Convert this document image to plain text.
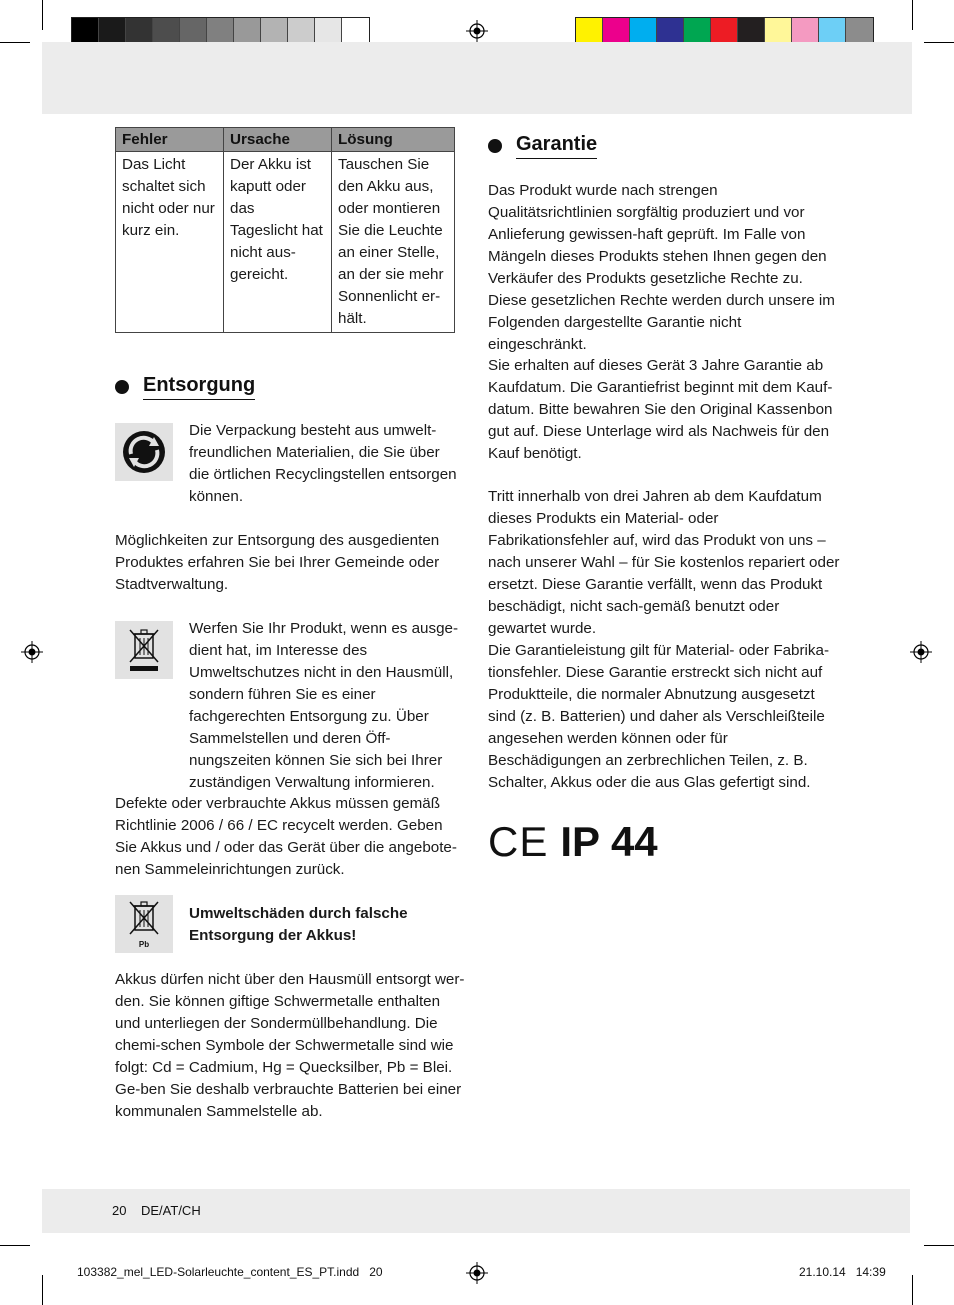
Fehler	Ursache	Lösung
Das Licht schaltet sich nicht oder nur kurz ein.	Der Akku ist kaputt oder das Tageslicht hat nicht aus-gereicht.	Tauschen Sie den Akku aus, oder montieren Sie die Leuchte an einer Stelle, an der sie mehr Sonnenlicht er-hält.
Entsorgung
Die Verpackung besteht aus umwelt-freundlichen Materialien, die Sie über die örtlichen Recyclingstellen entsorgen können.
Möglichkeiten zur Entsorgung des ausgedienten Produktes erfahren Sie bei Ihrer Gemeinde oder Stadtverwaltung.
Werfen Sie Ihr Produkt, wenn es ausge-dient hat, im Interesse des Umweltschutzes nicht in den Hausmüll, sondern führen Sie es einer fachgerechten Entsorgung zu. Über Sammelstellen und deren Öff-nungszeiten können Sie sich bei Ihrer zuständigen Verwaltung informieren.
Defekte oder verbrauchte Akkus müssen gemäß Richtlinie 2006 / 66 / EC recycelt werden. Geben Sie Akkus und / oder das Gerät über die angebote-nen Sammeleinrichtungen zurück.
Pb
Umweltschäden durch falsche Entsorgung der Akkus!
Akkus dürfen nicht über den Hausmüll entsorgt wer-den. Sie können giftige Schwermetalle enthalten und unterliegen der Sondermüllbehandlung. Die chemi-schen Symbole der Schwermetalle sind wie folgt: Cd = Cadmium, Hg = Quecksilber, Pb = Blei. Ge-ben Sie deshalb verbrauchte Batterien bei einer kommunalen Sammelstelle ab.
Garantie
Das Produkt wurde nach strengen Qualitätsrichtlinien sorgfältig produziert und vor Anlieferung gewissen-haft geprüft. Im Falle von Mängeln dieses Produkts stehen Ihnen gegen den Verkäufer des Produkts gesetzliche Rechte zu. Diese gesetzlichen Rechte werden durch unsere im Folgenden dargestellte Garantie nicht eingeschränkt.
Sie erhalten auf dieses Gerät 3 Jahre Garantie ab Kaufdatum. Die Garantiefrist beginnt mit dem Kauf-datum. Bitte bewahren Sie den Original Kassenbon gut auf. Diese Unterlage wird als Nachweis für den Kauf benötigt.
Tritt innerhalb von drei Jahren ab dem Kaufdatum dieses Produkts ein Material- oder Fabrikationsfehler auf, wird das Produkt von uns – nach unserer Wahl – für Sie kostenlos repariert oder ersetzt. Diese Garantie verfällt, wenn das Produkt beschädigt, nicht sach-gemäß benutzt oder gewartet wurde.
Die Garantieleistung gilt für Material- oder Fabrika-tionsfehler. Diese Garantie erstreckt sich nicht auf Produktteile, die normaler Abnutzung ausgesetzt sind (z. B. Batterien) und daher als Verschleißteile angesehen werden können oder für Beschädigungen an zerbrechlichen Teilen, z. B. Schalter, Akkus oder die aus Glas gefertigt sind.
CE IP 44
20 DE/AT/CH
103382_mel_LED-Solarleuchte_content_ES_PT.indd   20	21.10.14   14:39
